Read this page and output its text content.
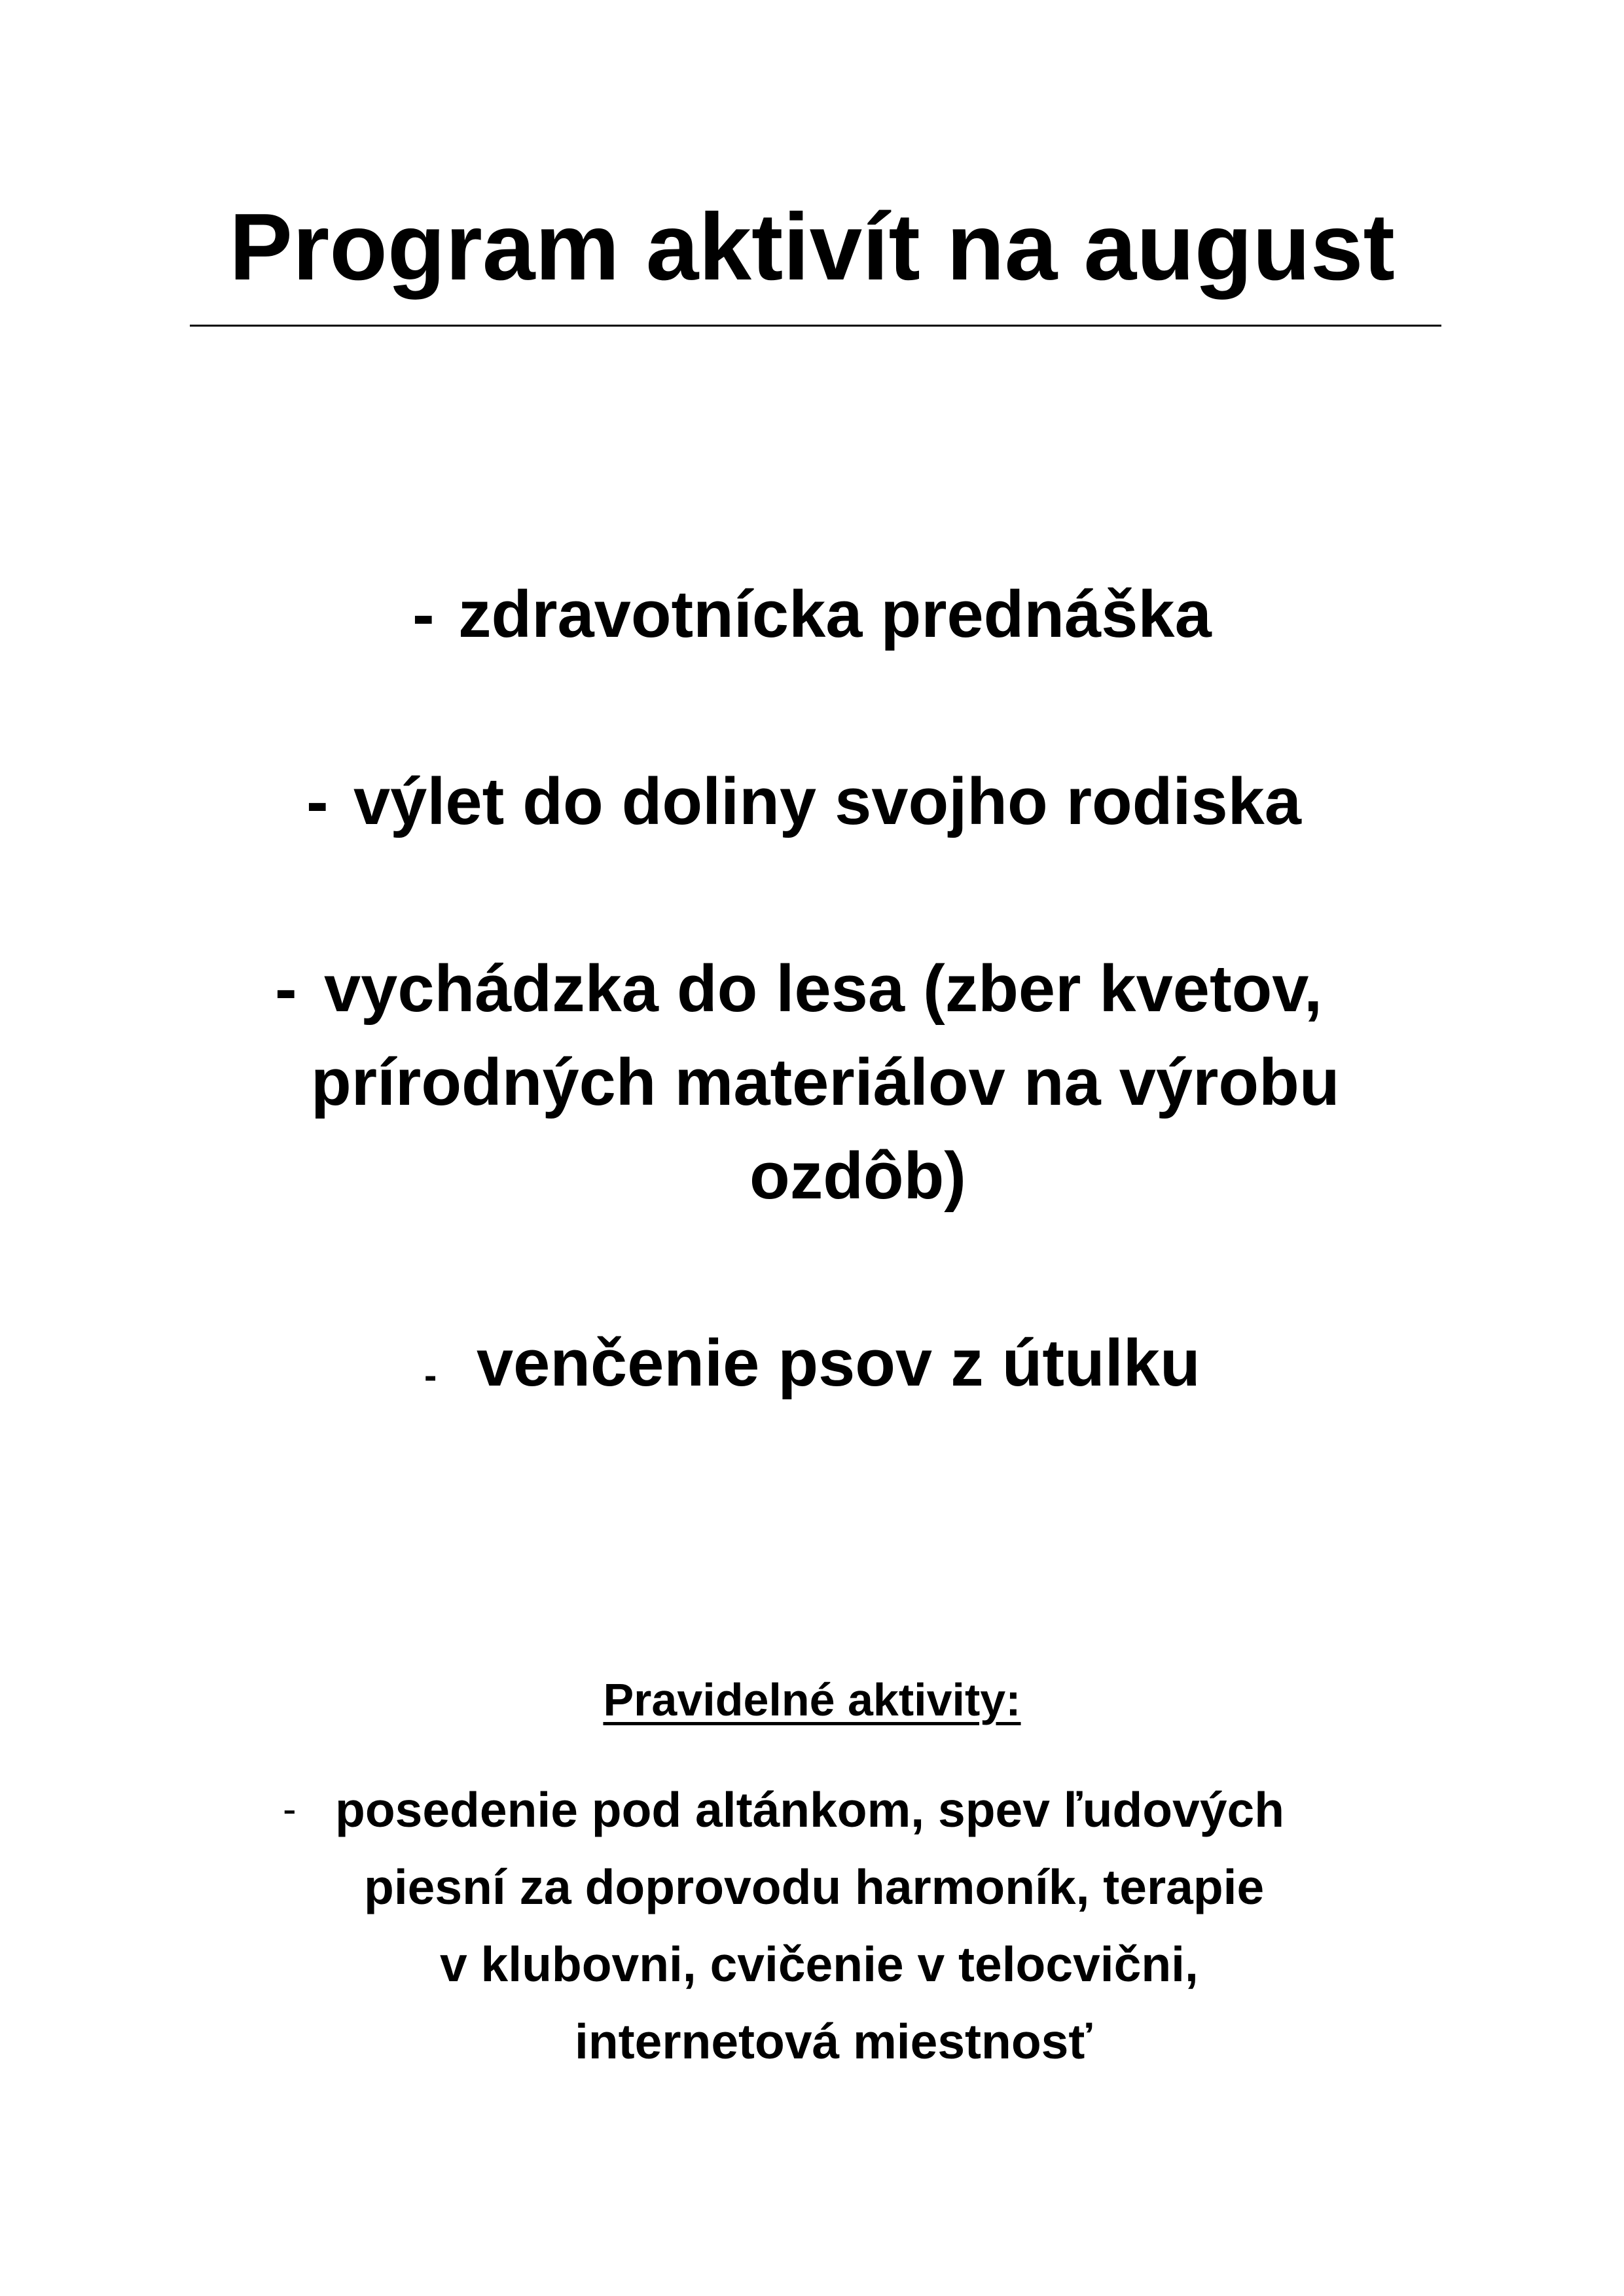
Program aktivít na august
- zdravotnícka prednáška
- výlet do doliny svojho rodiska
- vychádzka do lesa (zber kvetov,
prírodných materiálov na výrobu
ozdôb)
- venčenie psov z útulku
Pravidelné aktivity:
- posedenie pod altánkom, spev ľudových
piesní za doprovodu harmoník, terapie
v klubovni, cvičenie v telocvični,
internetová miestnosť
